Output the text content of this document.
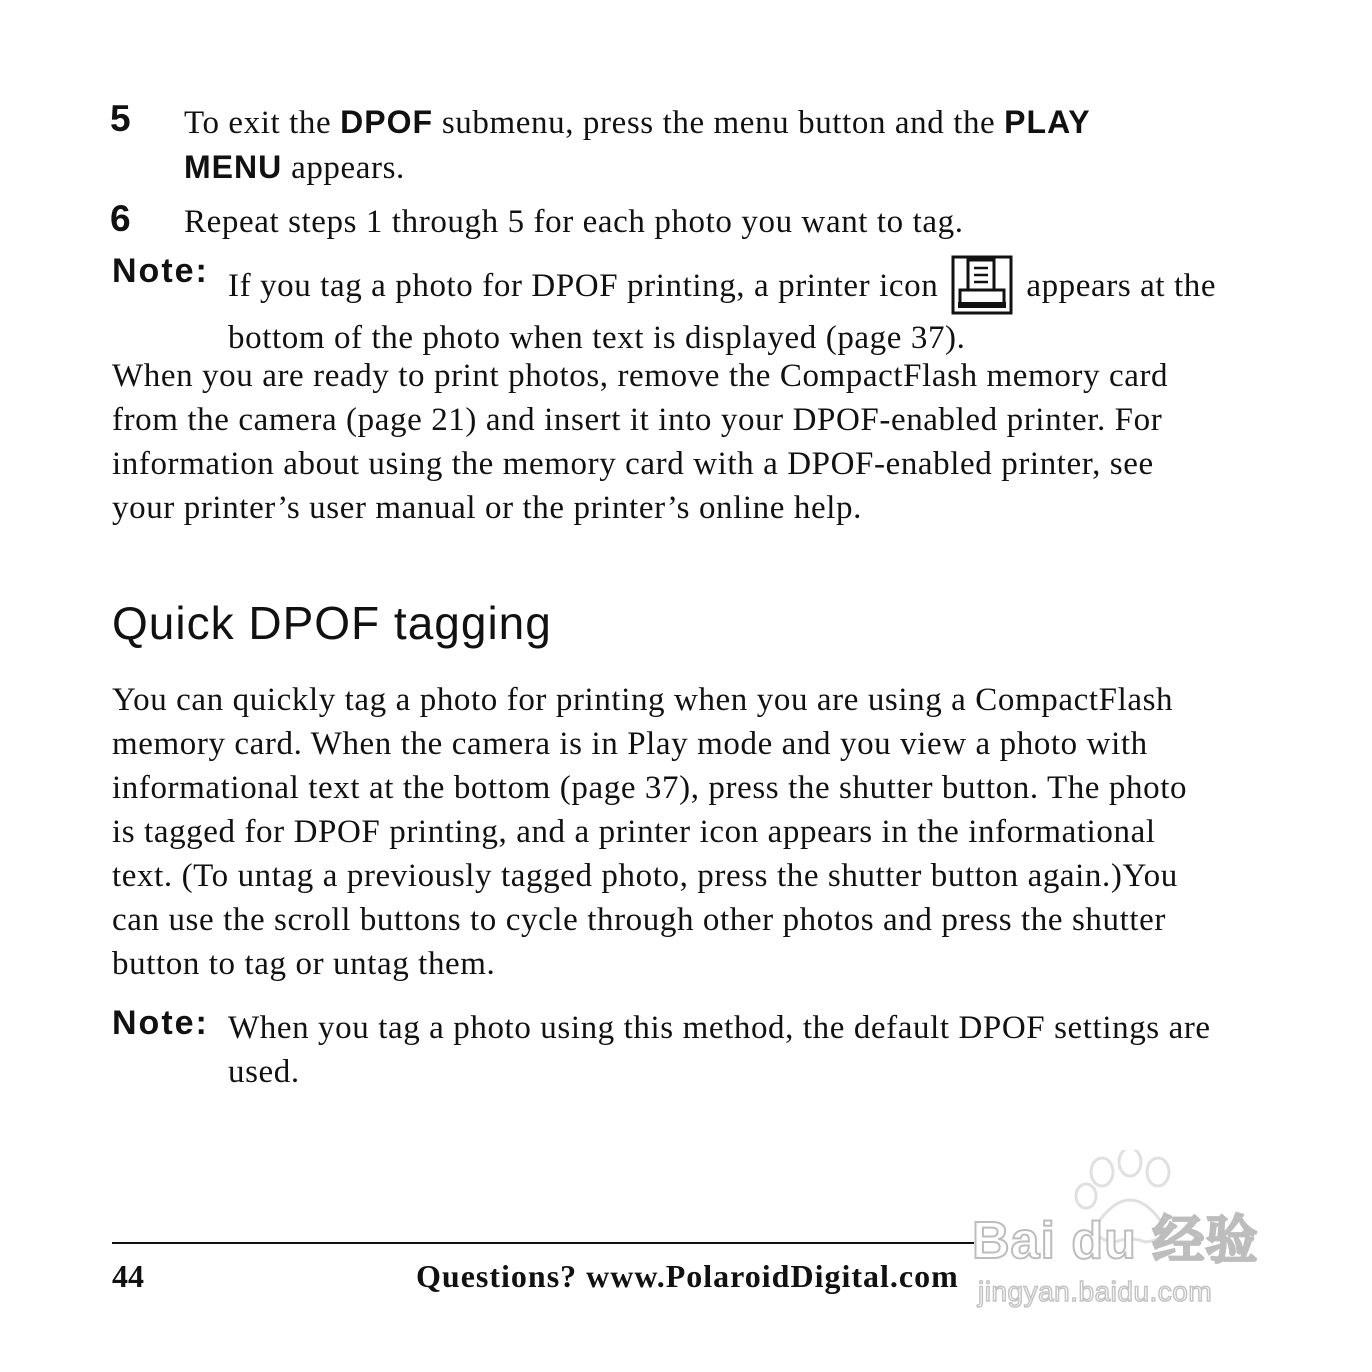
5 To exit the DPOF submenu, press the menu button and the PLAY
MENU appears.
6 Repeat steps 1 through 5 for each photo you want to tag.
Note: If you tag a photo for DPOF printing, a printer icon	appears at the
bottom of the photo when text is displayed (page 37).
When you are ready to print photos, remove the CompactFlash memory card
from the camera (page 21) and insert it into your DPOF-enabled printer. For
information about using the memory card with a DPOF-enabled printer, see
your printer’s user manual or the printer’s online help.
Quick DPOF tagging
You can quickly tag a photo for printing when you are using a CompactFlash
memory card. When the camera is in Play mode and you view a photo with
informational text at the bottom (page 37), press the shutter button. The photo
is tagged for DPOF printing, and a printer icon appears in the informational
text. (To untag a previously tagged photo, press the shutter button again.)You
can use the scroll buttons to cycle through other photos and press the shutter
button to tag or untag them.
Note: When you tag a photo using this method, the default DPOF settings are
used.
44	Questions? www.PolaroidDigital.com
Bai du 经验
jingyan.baidu.com
